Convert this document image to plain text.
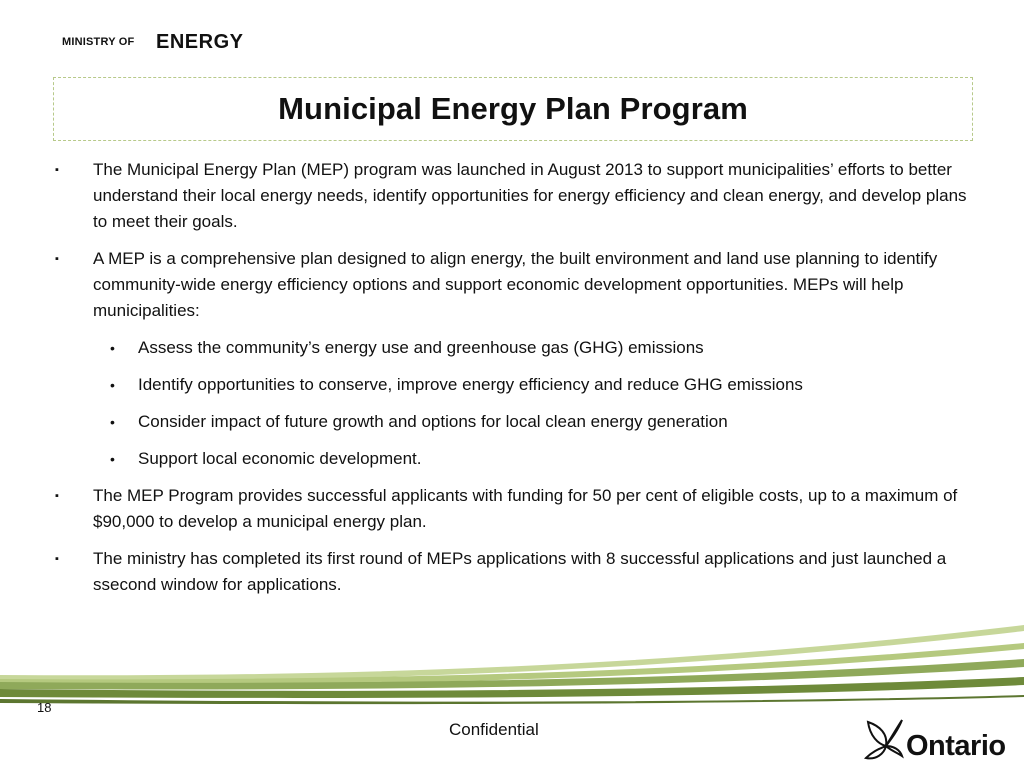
MINISTRY OF ENERGY
Municipal Energy Plan Program

▪ The Municipal Energy Plan (MEP) program was launched in August 2013 to support municipalities’ efforts to better understand their local energy needs, identify opportunities for energy efficiency and clean energy, and develop plans to meet their goals.

▪ A MEP is a comprehensive plan designed to align energy, the built environment and land use planning to identify community-wide energy efficiency options and support economic development opportunities. MEPs will help municipalities:

• Assess the community’s energy use and greenhouse gas (GHG) emissions

• Identify opportunities to conserve, improve energy efficiency and reduce GHG emissions

• Consider impact of future growth and options for local clean energy generation

• Support local economic development.

▪ The MEP Program provides successful applicants with funding for 50 per cent of eligible costs, up to a maximum of $90,000 to develop a municipal energy plan.

▪ The ministry has completed its first round of MEPs applications with 8 successful applications and just launched a ssecond window for applications.

18
Confidential
Ontario
